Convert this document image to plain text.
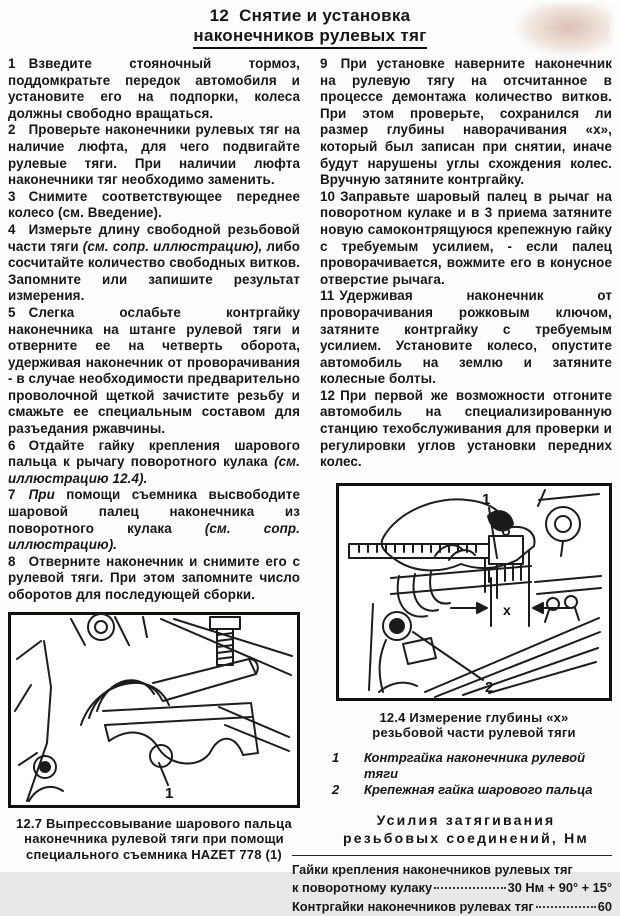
12 Снятие и установка
наконечников рулевых тяг

1 Взведите стояночный тормоз, поддомкратьте передок автомобиля и установите его на подпорки, колеса должны свободно вращаться.

2 Проверьте наконечники рулевых тяг на наличие люфта, для чего подвигайте рулевые тяги. При наличии люфта наконечники тяг необходимо заменить.

3 Снимите соответствующее переднее колесо (см. Введение).

4 Измерьте длину свободной резьбовой части тяги (см. сопр. иллюстрацию), либо сосчитайте количество свободных витков. Запомните или запишите результат измерения.

5 Слегка ослабьте контргайку наконечника на штанге рулевой тяги и отверните ее на четверть оборота, удерживая наконечник от проворачивания - в случае необходимости предварительно проволочной щеткой зачистите резьбу и смажьте ее специальным составом для разъедания ржавчины.

6 Отдайте гайку крепления шарового пальца к рычагу поворотного кулака (см. иллюстрацию 12.4).

7 При помощи съемника высвободите шаровой палец наконечника из поворотного кулака (см. сопр. иллюстрацию).

8 Отверните наконечник и снимите его с рулевой тяги. При этом запомните число оборотов для последующей сборки.

1
12.7 Выпрессовывание шарового пальца наконечника рулевой тяги при помощи специального съемника HAZET 778 (1)

9 При установке наверните наконечник на рулевую тягу на отсчитанное в процессе демонтажа количество витков. При этом проверьте, сохранился ли размер глубины наворачивания «х», который был записан при снятии, иначе будут нарушены углы схождения колес. Вручную затяните контргайку.

10 Заправьте шаровый палец в рычаг на поворотном кулаке и в 3 приема затяните новую самоконтрящуюся крепежную гайку с требуемым усилием, - если палец проворачивается, вожмите его в конусное отверстие рычага.

11 Удерживая наконечник от проворачивания рожковым ключом, затяните контргайку с требуемым усилием. Установите колесо, опустите автомобиль на землю и затяните колесные болты.

12 При первой же возможности отгоните автомобиль на специализированную станцию техобслуживания для проверки и регулировки углов установки передних колес.

1
2
x
12.4 Измерение глубины «х» резьбовой части рулевой тяги
1	Контргайка наконечника рулевой тяги
2	Крепежная гайка шарового пальца
Усилия затягивания
резьбовых соединений, Нм
Гайки крепления наконечников рулевых тяг
к поворотному кулаку	30 Нм + 90° + 15°
Контргайки наконечников рулевах тяг	60
